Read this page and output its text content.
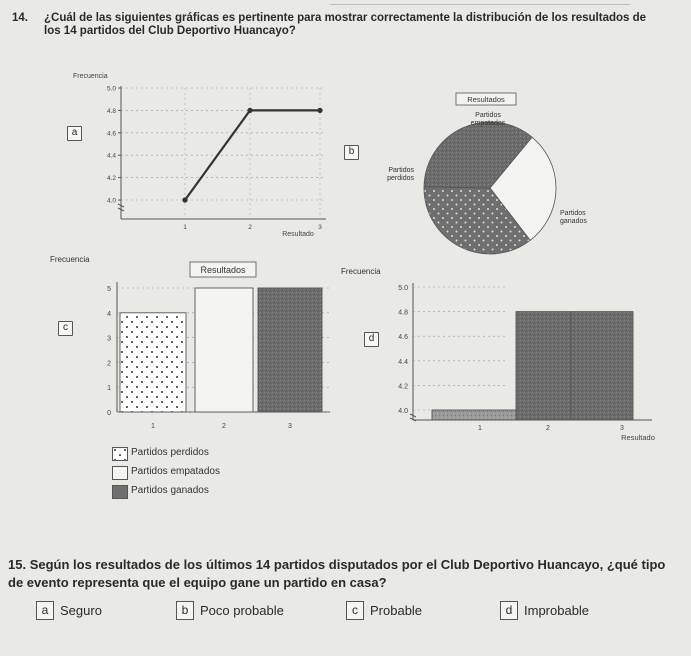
14. ¿Cuál de las siguientes gráficas es pertinente para mostrar correctamente la distribución de los resultados de los 14 partidos del Club Deportivo Huancayo?
a
b
c
d
Frecuencia
5.0
4.8
4.6
4.4
4.2
4.0
1	2	3
Resultado
Resultados
Partidos
empatados
Partidos
perdidos
Partidos
ganados
Frecuencia
Resultados
5
4
3
2
1
0
1	2	3
Frecuencia
5.0
4.8
4.6
4.4
4.2
4.0
1	2	3
Resultado
Partidos perdidos
Partidos empatados
Partidos ganados
15. Según los resultados de los últimos 14 partidos disputados por el Club Deportivo Huancayo, ¿qué tipo de evento representa que el equipo gane un partido en casa?
a Seguro	b Poco probable	c Probable	d Improbable
